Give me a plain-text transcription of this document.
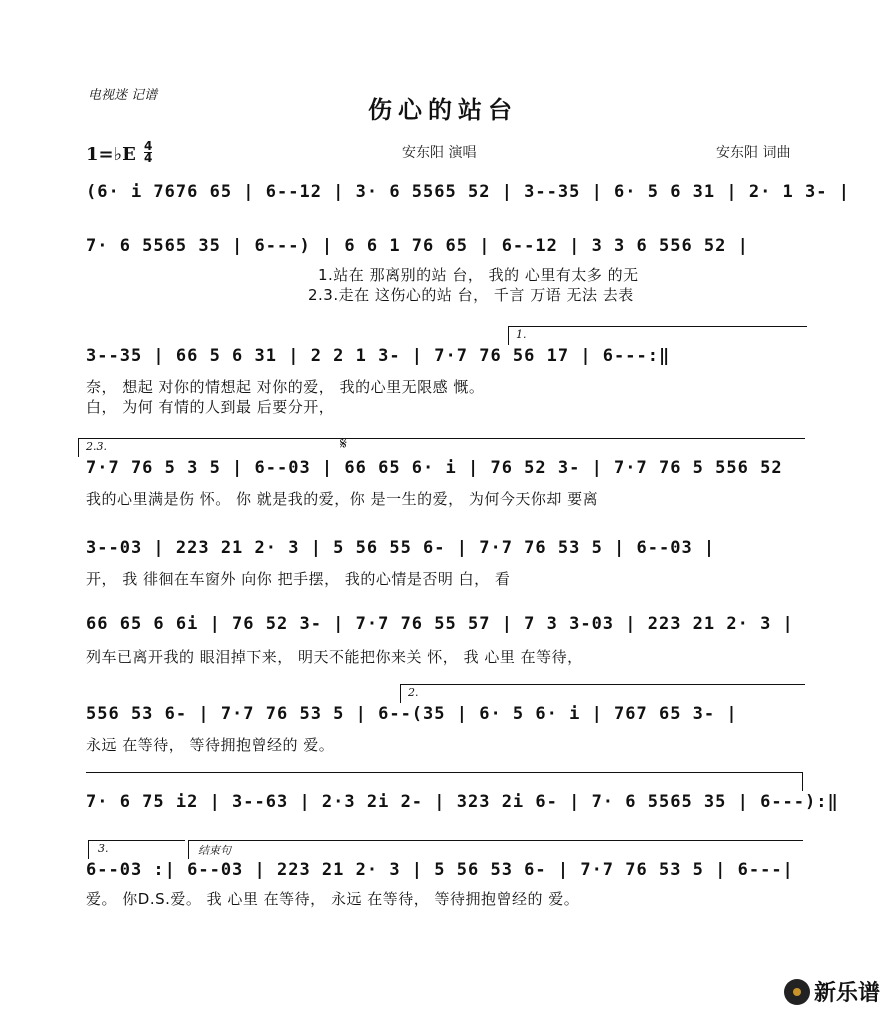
电视迷 记谱	伤心的站台
1=♭E 4
4	安东阳 演唱	安东阳 词曲
(6· i 7676 65 | 6--12 | 3· 6 5565 52 | 3--35 | 6· 5 6 31 | 2· 1 3- |
7· 6 5565 35 | 6---) | 6 6 1 76 65 | 6--12 | 3 3 6 556 52 |
1.站在 那离别的站 台， 我的 心里有太多 的无
2.3.走在 这伤心的站 台， 千言 万语 无法 去表
1.
3--35 | 66 5 6 31 | 2 2 1 3- | 7·7 76 56 17 | 6---:‖
奈， 想起 对你的情想起 对你的爱， 我的心里无限感 慨。
白， 为何 有情的人到最 后要分开，
2.3.	𝄋
7·7 76 5 3 5 | 6--03 | 66 65 6· i | 76 52 3- | 7·7 76 5 556 52
我的心里满是伤 怀。 你 就是我的爱，你 是一生的爱， 为何今天你却 要离
3--03 | 223 21 2· 3 | 5 56 55 6- | 7·7 76 53 5 | 6--03 |
开， 我 徘徊在车窗外 向你 把手摆， 我的心情是否明 白， 看
66 65 6 6i | 76 52 3- | 7·7 76 55 57 | 7 3 3-03 | 223 21 2· 3 |
列车已离开我的 眼泪掉下来， 明天不能把你来关 怀， 我 心里 在等待，
2.
556 53 6- | 7·7 76 53 5 | 6--(35 | 6· 5 6· i | 767 65 3- |
永远 在等待， 等待拥抱曾经的 爱。
7· 6 75 i2 | 3--63 | 2·3 2i 2- | 323 2i 6- | 7· 6 5565 35 | 6---):‖
3.	结束句
6--03 :| 6--03 | 223 21 2· 3 | 5 56 53 6- | 7·7 76 53 5 | 6---|
爱。 你D.S.爱。 我 心里 在等待， 永远 在等待， 等待拥抱曾经的 爱。
新乐谱
